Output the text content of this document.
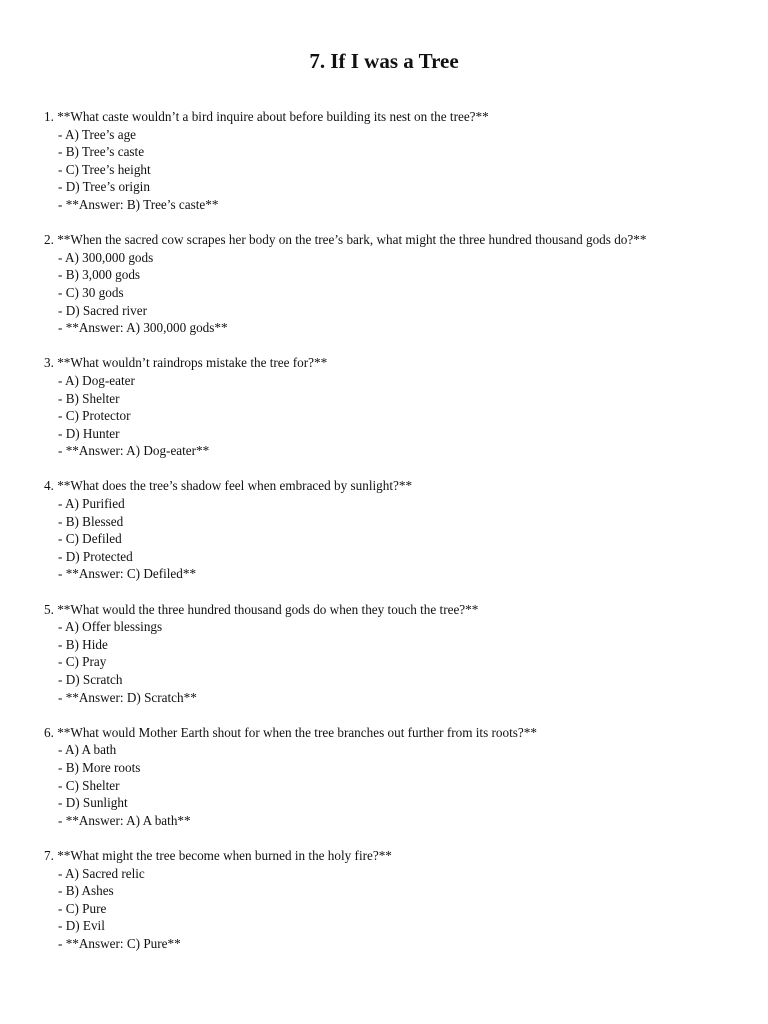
7. If I was a Tree
1. **What caste wouldn’t a bird inquire about before building its nest on the tree?**
- A) Tree’s age
- B) Tree’s caste
- C) Tree’s height
- D) Tree’s origin
- **Answer: B) Tree’s caste**
2. **When the sacred cow scrapes her body on the tree’s bark, what might the three hundred thousand gods do?**
- A) 300,000 gods
- B) 3,000 gods
- C) 30 gods
- D) Sacred river
- **Answer: A) 300,000 gods**
3. **What wouldn’t raindrops mistake the tree for?**
- A) Dog-eater
- B) Shelter
- C) Protector
- D) Hunter
- **Answer: A) Dog-eater**
4. **What does the tree’s shadow feel when embraced by sunlight?**
- A) Purified
- B) Blessed
- C) Defiled
- D) Protected
- **Answer: C) Defiled**
5. **What would the three hundred thousand gods do when they touch the tree?**
- A) Offer blessings
- B) Hide
- C) Pray
- D) Scratch
- **Answer: D) Scratch**
6. **What would Mother Earth shout for when the tree branches out further from its roots?**
- A) A bath
- B) More roots
- C) Shelter
- D) Sunlight
- **Answer: A) A bath**
7. **What might the tree become when burned in the holy fire?**
- A) Sacred relic
- B) Ashes
- C) Pure
- D) Evil
- **Answer: C) Pure**
